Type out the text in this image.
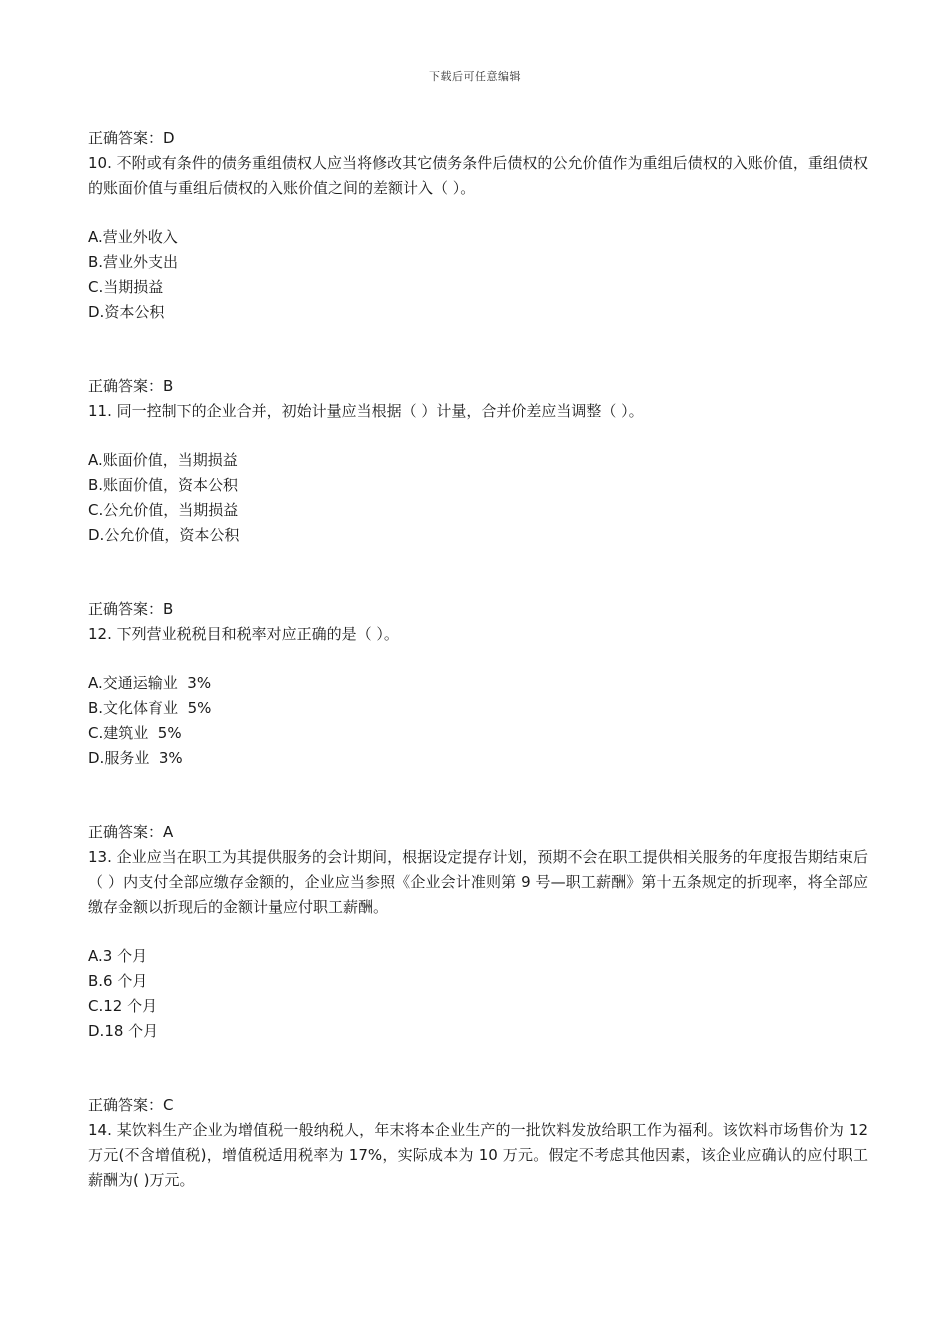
下载后可任意编辑
正确答案：D
10. 不附或有条件的债务重组债权人应当将修改其它债务条件后债权的公允价值作为重组后债权的入账价值，重组债权的账面价值与重组后债权的入账价值之间的差额计入（ ）。
A.营业外收入
B.营业外支出
C.当期损益
D.资本公积
正确答案：B
11. 同一控制下的企业合并，初始计量应当根据（ ）计量，合并价差应当调整（ ）。
A.账面价值，当期损益
B.账面价值，资本公积
C.公允价值，当期损益
D.公允价值，资本公积
正确答案：B
12. 下列营业税税目和税率对应正确的是（ ）。
A.交通运输业  3%
B.文化体育业  5%
C.建筑业  5%
D.服务业  3%
正确答案：A
13. 企业应当在职工为其提供服务的会计期间，根据设定提存计划，预期不会在职工提供相关服务的年度报告期结束后（ ）内支付全部应缴存金额的，企业应当参照《企业会计准则第 9 号—职工薪酬》第十五条规定的折现率，将全部应缴存金额以折现后的金额计量应付职工薪酬。
A.3 个月
B.6 个月
C.12 个月
D.18 个月
正确答案：C
14. 某饮料生产企业为增值税一般纳税人，年末将本企业生产的一批饮料发放给职工作为福利。该饮料市场售价为 12 万元(不含增值税)，增值税适用税率为 17%，实际成本为 10 万元。假定不考虑其他因素，该企业应确认的应付职工薪酬为( )万元。
